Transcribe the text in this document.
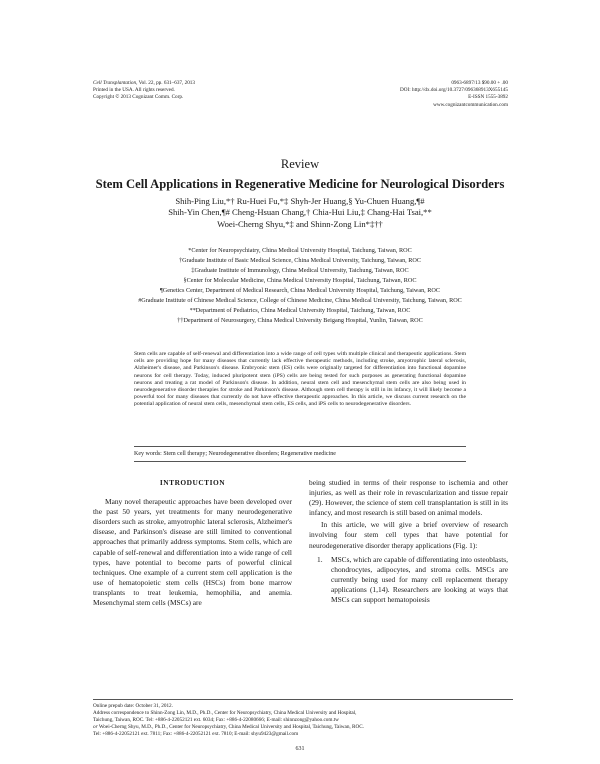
Cell Transplantation, Vol. 22, pp. 631–637, 2013
Printed in the USA. All rights reserved.
Copyright © 2013 Cognizant Comm. Corp.
0963-6897/13 $90.00 + .00
DOI: http://dx.doi.org/10.3727/096368913X655145
E-ISSN 1555-3892
www.cognizantcommunication.com
Review
Stem Cell Applications in Regenerative Medicine for Neurological Disorders
Shih-Ping Liu,*† Ru-Huei Fu,*‡ Shyh-Jer Huang,§ Yu-Chuen Huang,¶#
Shih-Yin Chen,¶# Cheng-Hsuan Chang,† Chia-Hui Liu,‡ Chang-Hai Tsai,**
Woei-Cherng Shyu,*‡ and Shinn-Zong Lin*‡††
*Center for Neuropsychiatry, China Medical University Hospital, Taichung, Taiwan, ROC
†Graduate Institute of Basic Medical Science, China Medical University, Taichung, Taiwan, ROC
‡Graduate Institute of Immunology, China Medical University, Taichung, Taiwan, ROC
§Center for Molecular Medicine, China Medical University Hospital, Taichung, Taiwan, ROC
¶Genetics Center, Department of Medical Research, China Medical University Hospital, Taichung, Taiwan, ROC
#Graduate Institute of Chinese Medical Science, College of Chinese Medicine, China Medical University, Taichung, Taiwan, ROC
**Department of Pediatrics, China Medical University Hospital, Taichung, Taiwan, ROC
††Department of Neurosurgery, China Medical University Beigang Hospital, Yunlin, Taiwan, ROC
Stem cells are capable of self-renewal and differentiation into a wide range of cell types with multiple clinical and therapeutic applications. Stem cells are providing hope for many diseases that currently lack effective therapeutic methods, including stroke, amyotrophic lateral sclerosis, Alzheimer's disease, and Parkinson's disease. Embryonic stem (ES) cells were originally targeted for differentiation into functional dopamine neurons for cell therapy. Today, induced pluripotent stem (iPS) cells are being tested for such purposes as generating functional dopamine neurons and treating a rat model of Parkinson's disease. In addition, neural stem cell and mesenchymal stem cells are also being used in neurodegenerative disorder therapies for stroke and Parkinson's disease. Although stem cell therapy is still in its infancy, it will likely become a powerful tool for many diseases that currently do not have effective therapeutic approaches. In this article, we discuss current research on the potential application of neural stem cells, mesenchymal stem cells, ES cells, and iPS cells to neurodegenerative disorders.
Key words: Stem cell therapy; Neurodegenerative disorders; Regenerative medicine
INTRODUCTION

Many novel therapeutic approaches have been developed over the past 50 years, yet treatments for many neurodegenerative disorders such as stroke, amyotrophic lateral sclerosis, Alzheimer's disease, and Parkinson's disease are still limited to conventional approaches that primarily address symptoms. Stem cells, which are capable of self-renewal and differentiation into a wide range of cell types, have potential to become parts of powerful clinical techniques. One example of a current stem cell application is the use of hematopoietic stem cells (HSCs) from bone marrow transplants to treat leukemia, hemophilia, and anemia. Mesenchymal stem cells (MSCs) are

being studied in terms of their response to ischemia and other injuries, as well as their role in revascularization and tissue repair (29). However, the science of stem cell transplantation is still in its infancy, and most research is still based on animal models.

In this article, we will give a brief overview of research involving four stem cell types that have potential for neurodegenerative disorder therapy applications (Fig. 1):

1.	MSCs, which are capable of differentiating into osteoblasts, chondrocytes, adipocytes, and stroma cells. MSCs are currently being used for many cell replacement therapy applications (1,14). Researchers are looking at ways that MSCs can support hematopoiesis
Online prepub date: October 31, 2012.
Address correspondence to Shinn-Zong Lin, M.D., Ph.D., Center for Neuropsychiatry, China Medical University and Hospital,
Taichung, Taiwan, ROC. Tel: +886-4-22052121 ext. 6034; Fax: +886-4-22080666; E-mail: shinnzong@yahoo.com.tw
or Woei-Cherng Shyu, M.D., Ph.D., Center for Neuropsychiatry, China Medical University and Hospital, Taichung, Taiwan, ROC.
Tel: +886-4-22052121 ext. 7811; Fax: +886-4-22052121 ext. 7810; E-mail: shyu9423@gmail.com
631
